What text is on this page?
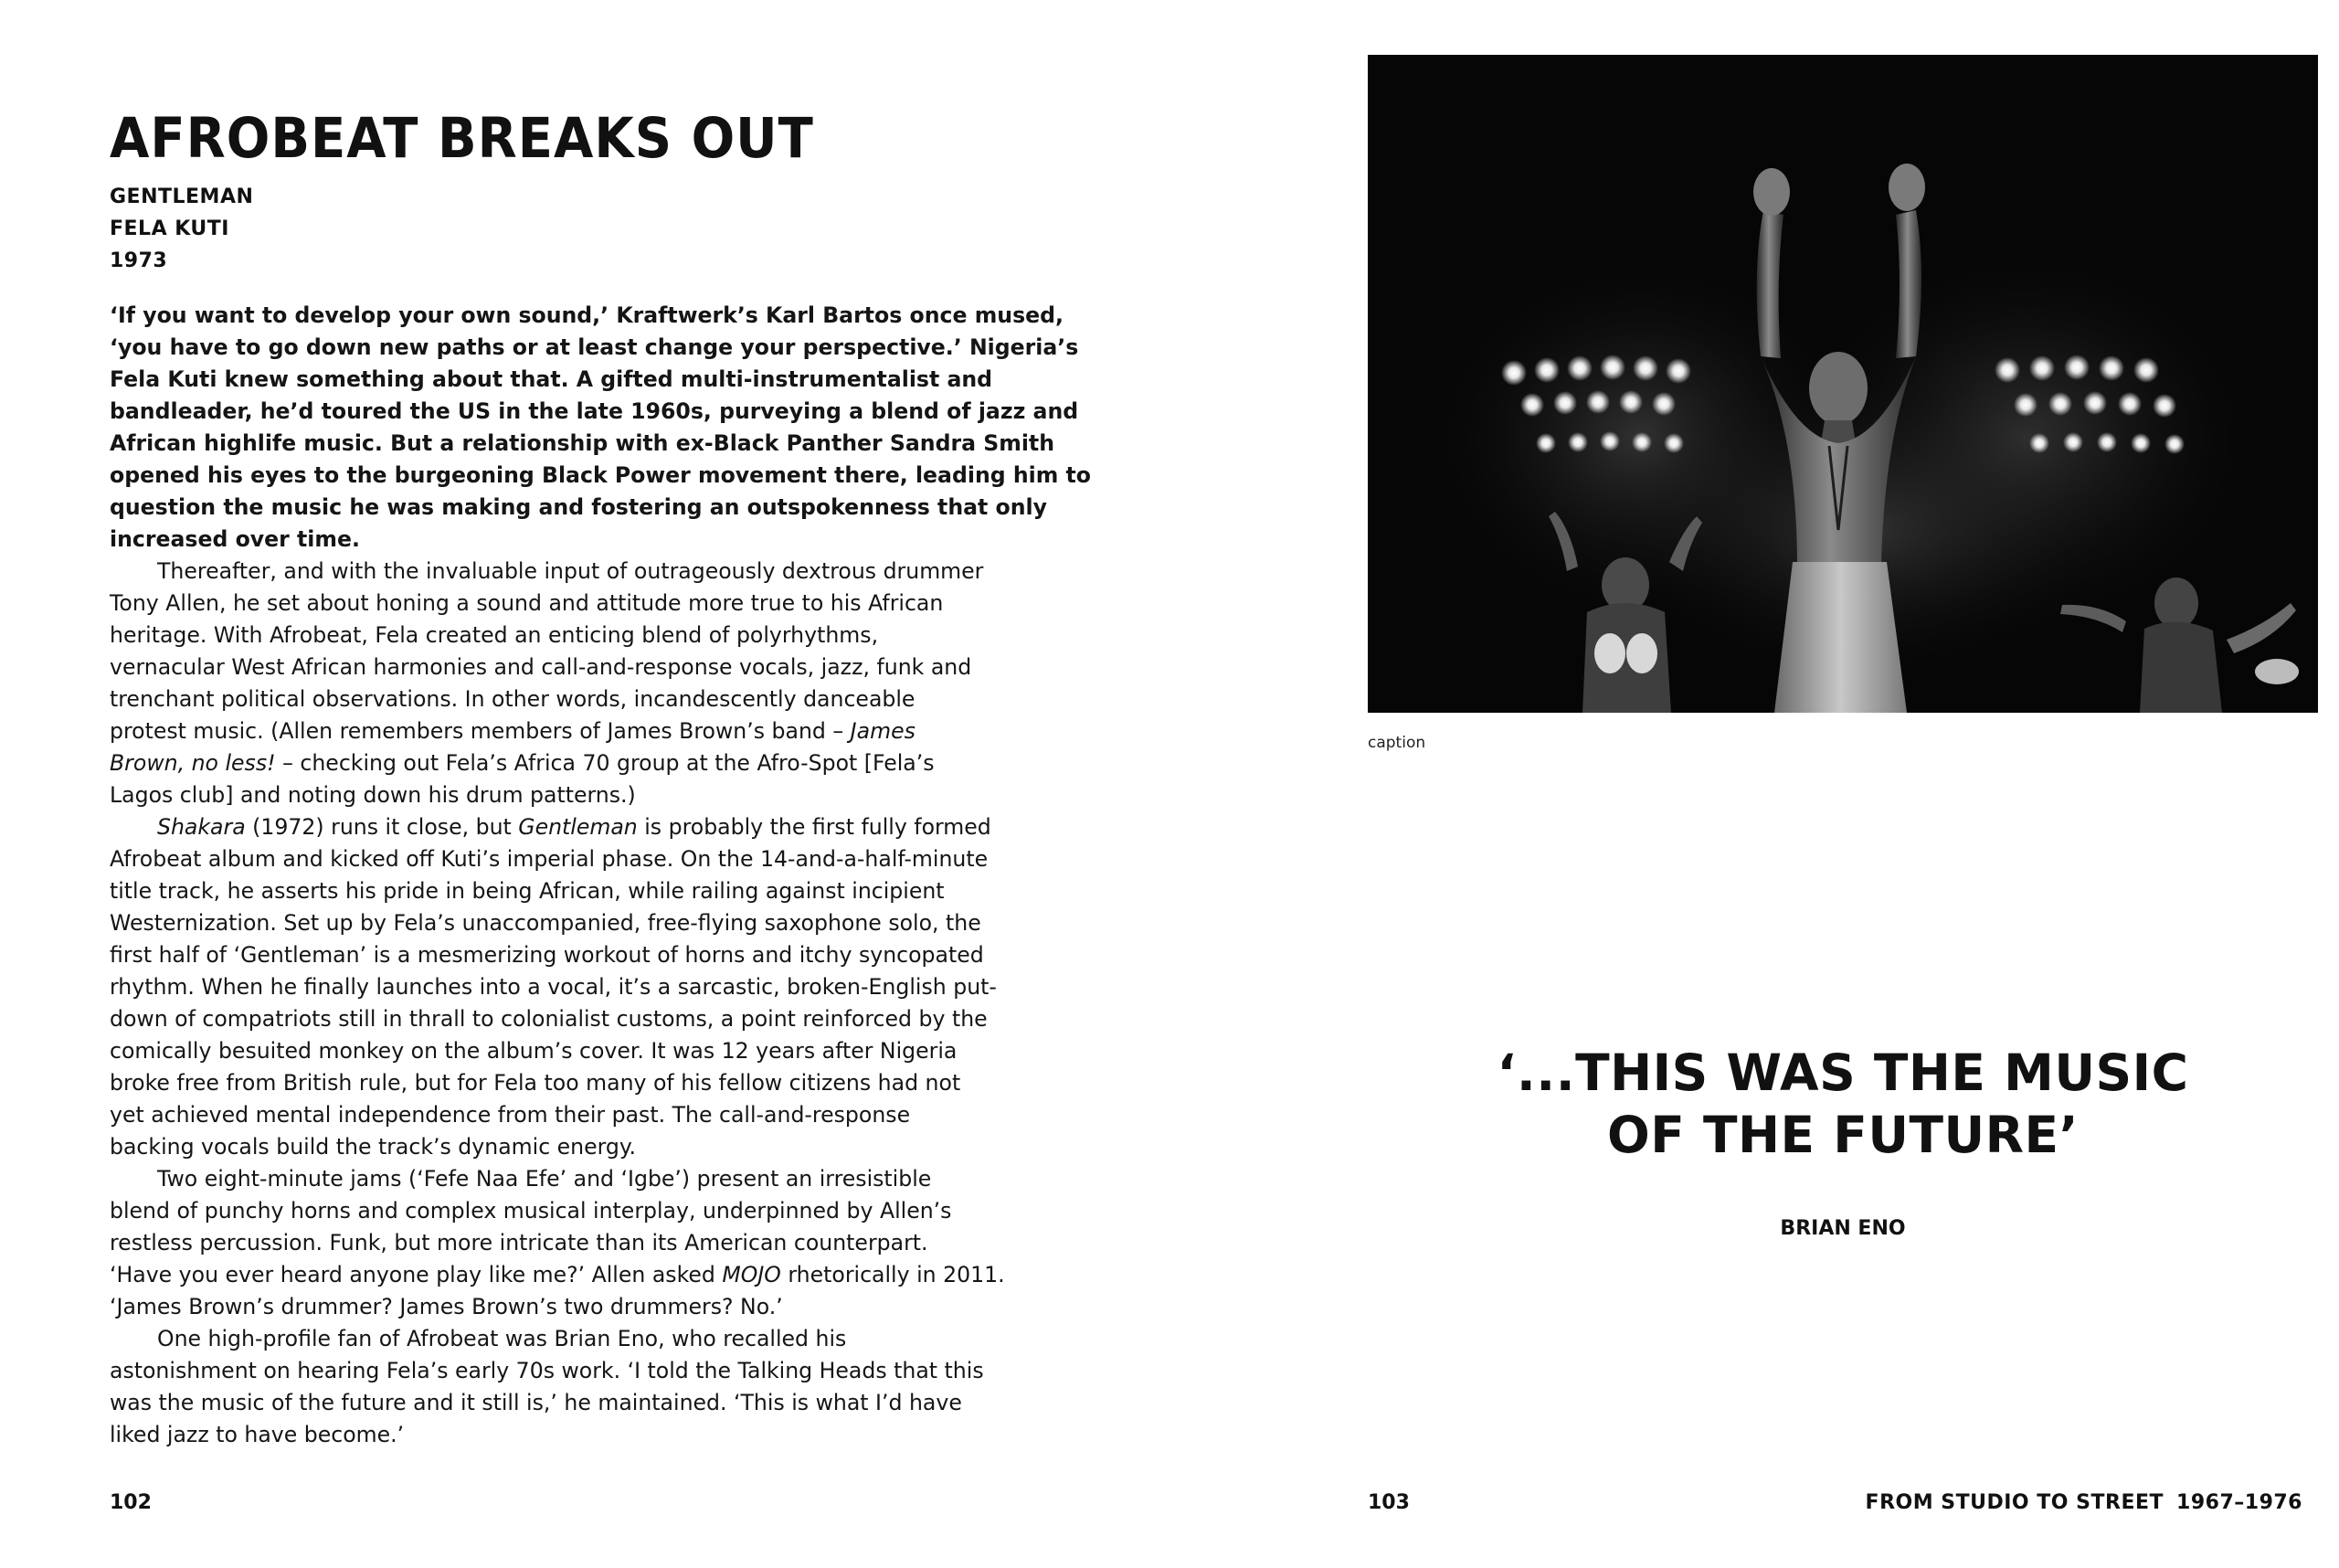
AFROBEAT BREAKS OUT
GENTLEMAN
FELA KUTI
1973
‘If you want to develop your own sound,’ Kraftwerk’s Karl Bartos once mused,
‘you have to go down new paths or at least change your perspective.’ Nigeria’s
Fela Kuti knew something about that. A gifted multi-instrumentalist and
bandleader, he’d toured the US in the late 1960s, purveying a blend of jazz and
African highlife music. But a relationship with ex-Black Panther Sandra Smith
opened his eyes to the burgeoning Black Power movement there, leading him to
question the music he was making and fostering an outspokenness that only
increased over time.
Thereafter, and with the invaluable input of outrageously dextrous drummer
Tony Allen, he set about honing a sound and attitude more true to his African
heritage. With Afrobeat, Fela created an enticing blend of polyrhythms,
vernacular West African harmonies and call-and-response vocals, jazz, funk and
trenchant political observations. In other words, incandescently danceable
protest music. (Allen remembers members of James Brown’s band – James
Brown, no less! – checking out Fela’s Africa 70 group at the Afro-Spot [Fela’s
Lagos club] and noting down his drum patterns.)
Shakara (1972) runs it close, but Gentleman is probably the first fully formed
Afrobeat album and kicked off Kuti’s imperial phase. On the 14-and-a-half-minute
title track, he asserts his pride in being African, while railing against incipient
Westernization. Set up by Fela’s unaccompanied, free-flying saxophone solo, the
first half of ‘Gentleman’ is a mesmerizing workout of horns and itchy syncopated
rhythm. When he finally launches into a vocal, it’s a sarcastic, broken-English put-
down of compatriots still in thrall to colonialist customs, a point reinforced by the
comically besuited monkey on the album’s cover. It was 12 years after Nigeria
broke free from British rule, but for Fela too many of his fellow citizens had not
yet achieved mental independence from their past. The call-and-response
backing vocals build the track’s dynamic energy.
Two eight-minute jams (‘Fefe Naa Efe’ and ‘Igbe’) present an irresistible
blend of punchy horns and complex musical interplay, underpinned by Allen’s
restless percussion. Funk, but more intricate than its American counterpart.
‘Have you ever heard anyone play like me?’ Allen asked MOJO rhetorically in 2011.
‘James Brown’s drummer? James Brown’s two drummers? No.’
One high-profile fan of Afrobeat was Brian Eno, who recalled his
astonishment on hearing Fela’s early 70s work. ‘I told the Talking Heads that this
was the music of the future and it still is,’ he maintained. ‘This is what I’d have
liked jazz to have become.’
102
caption
‘...THIS WAS THE MUSIC
OF THE FUTURE’
BRIAN ENO
103	FROM STUDIO TO STREET 1967–1976
